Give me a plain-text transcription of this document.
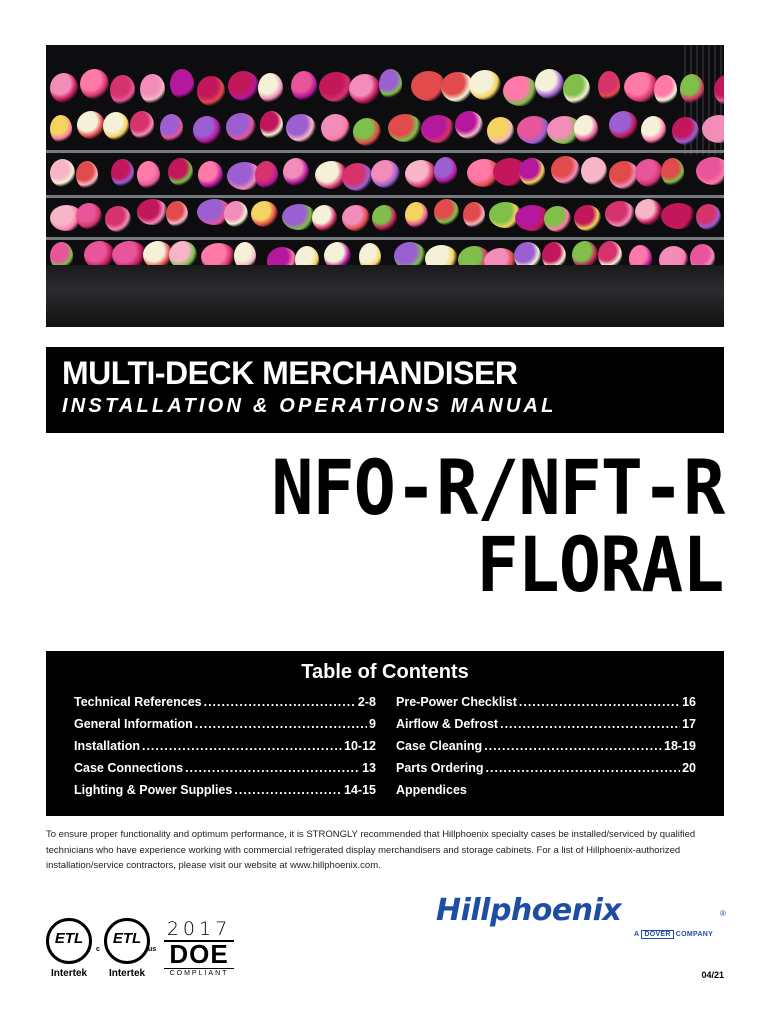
MULTI-DECK MERCHANDISER
INSTALLATION & OPERATIONS MANUAL
NFO-R/NFT-R
FLORAL
Table of Contents
Technical References .....	2-8
General Information .....	9
Installation .....	10-12
Case Connections .....	13
Lighting & Power Supplies .....	14-15
Pre-Power Checklist .....	16
Airflow & Defrost .....	17
Case Cleaning .....	18-19
Parts Ordering .....	20
Appendices
To ensure proper functionality and optimum performance, it is STRONGLY recommended that Hillphoenix specialty cases be installed/serviced by qualified technicians who have experience working with commercial refrigerated display merchandisers and storage cabinets. For a list of Hillphoenix-authorized installation/service contractors, please visit our website at www.hillphoenix.com.
Hillphoenix	®
A DOVER COMPANY
ETL
Intertek
c
ETL
us
Intertek
2017
DOE
COMPLIANT	04/21
